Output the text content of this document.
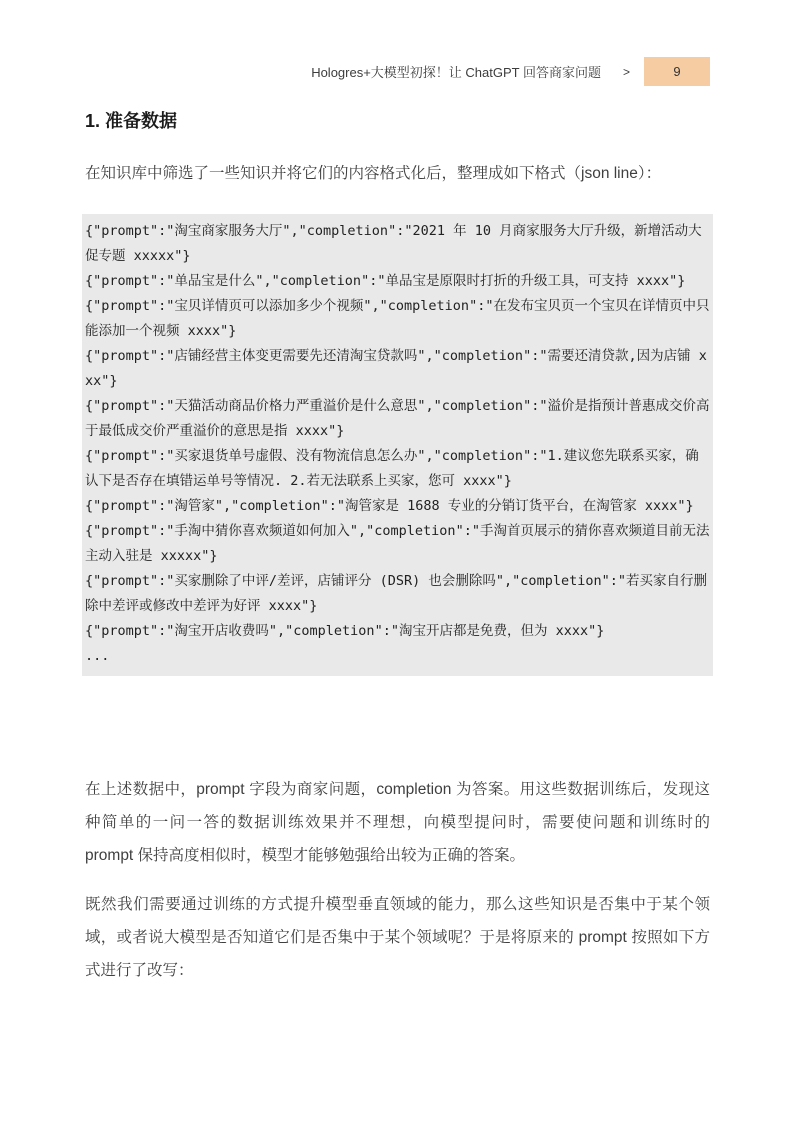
Hologres+大模型初探！让 ChatGPT 回答商家问题 >	9
1. 准备数据

在知识库中筛选了一些知识并将它们的内容格式化后，整理成如下格式（json line）：

{"prompt":"淘宝商家服务大厅","completion":"2021 年 10 月商家服务大厅升级，新增活动大促专题 xxxxx"}
{"prompt":"单品宝是什么","completion":"单品宝是原限时打折的升级工具，可支持 xxxx"}
{"prompt":"宝贝详情页可以添加多少个视频","completion":"在发布宝贝页一个宝贝在详情页中只能添加一个视频 xxxx"}
{"prompt":"店铺经营主体变更需要先还清淘宝贷款吗","completion":"需要还清贷款,因为店铺 xxx"}
{"prompt":"天猫活动商品价格力严重溢价是什么意思","completion":"溢价是指预计普惠成交价高于最低成交价严重溢价的意思是指 xxxx"}
{"prompt":"买家退货单号虚假、没有物流信息怎么办","completion":"1.建议您先联系买家，确认下是否存在填错运单号等情况. 2.若无法联系上买家，您可 xxxx"}
{"prompt":"淘管家","completion":"淘管家是 1688 专业的分销订货平台，在淘管家 xxxx"}
{"prompt":"手淘中猜你喜欢频道如何加入","completion":"手淘首页展示的猜你喜欢频道目前无法主动入驻是 xxxxx"}
{"prompt":"买家删除了中评/差评，店铺评分 (DSR) 也会删除吗","completion":"若买家自行删除中差评或修改中差评为好评 xxxx"}
{"prompt":"淘宝开店收费吗","completion":"淘宝开店都是免费，但为 xxxx"}
...

在上述数据中，prompt 字段为商家问题，completion 为答案。用这些数据训练后，发现这种简单的一问一答的数据训练效果并不理想，向模型提问时，需要使问题和训练时的 prompt 保持高度相似时，模型才能够勉强给出较为正确的答案。

既然我们需要通过训练的方式提升模型垂直领域的能力，那么这些知识是否集中于某个领域，或者说大模型是否知道它们是否集中于某个领域呢？于是将原来的 prompt 按照如下方式进行了改写：
